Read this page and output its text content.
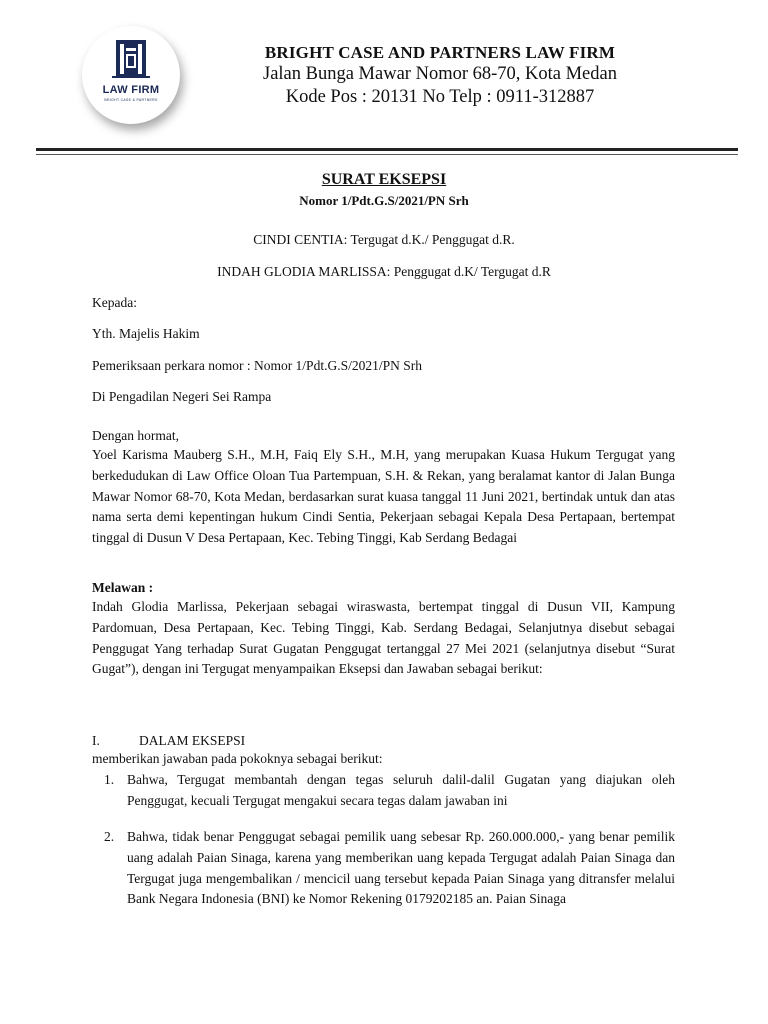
LAW FIRM
BRIGHT CASE & PARTNERS
BRIGHT CASE AND PARTNERS LAW FIRM
Jalan Bunga Mawar Nomor 68-70, Kota Medan
Kode Pos : 20131 No Telp : 0911-312887
SURAT EKSEPSI
Nomor 1/Pdt.G.S/2021/PN Srh
CINDI CENTIA: Tergugat d.K./ Penggugat d.R.
INDAH GLODIA MARLISSA: Penggugat d.K/ Tergugat d.R
Kepada:
Yth. Majelis Hakim
Pemeriksaan perkara nomor : Nomor 1/Pdt.G.S/2021/PN Srh
Di Pengadilan Negeri Sei Rampa
Dengan hormat,
Yoel Karisma Mauberg S.H., M.H, Faiq Ely S.H., M.H, yang merupakan Kuasa Hukum Tergugat yang berkedudukan di Law Office Oloan Tua Partempuan, S.H. & Rekan, yang beralamat kantor di Jalan Bunga Mawar Nomor 68-70, Kota Medan, berdasarkan surat kuasa tanggal 11 Juni 2021, bertindak untuk dan atas nama serta demi kepentingan hukum Cindi Sentia, Pekerjaan sebagai Kepala Desa Pertapaan, bertempat tinggal di Dusun V Desa Pertapaan, Kec. Tebing Tinggi, Kab Serdang Bedagai
Melawan :
Indah Glodia Marlissa, Pekerjaan sebagai wiraswasta, bertempat tinggal di Dusun VII, Kampung Pardomuan, Desa Pertapaan, Kec. Tebing Tinggi, Kab. Serdang Bedagai, Selanjutnya disebut sebagai Penggugat Yang terhadap Surat Gugatan Penggugat tertanggal 27 Mei 2021 (selanjutnya disebut “Surat Gugat”), dengan ini Tergugat menyampaikan Eksepsi dan Jawaban sebagai berikut:
I.	DALAM EKSEPSI
memberikan jawaban pada pokoknya sebagai berikut:
1. Bahwa, Tergugat membantah dengan tegas seluruh dalil-dalil Gugatan yang diajukan oleh Penggugat, kecuali Tergugat mengakui secara tegas dalam jawaban ini
2. Bahwa, tidak benar Penggugat sebagai pemilik uang sebesar Rp. 260.000.000,- yang benar pemilik uang adalah Paian Sinaga, karena yang memberikan uang kepada Tergugat adalah Paian Sinaga dan Tergugat juga mengembalikan / mencicil uang tersebut kepada Paian Sinaga yang ditransfer melalui Bank Negara Indonesia (BNI) ke Nomor Rekening 0179202185 an. Paian Sinaga
